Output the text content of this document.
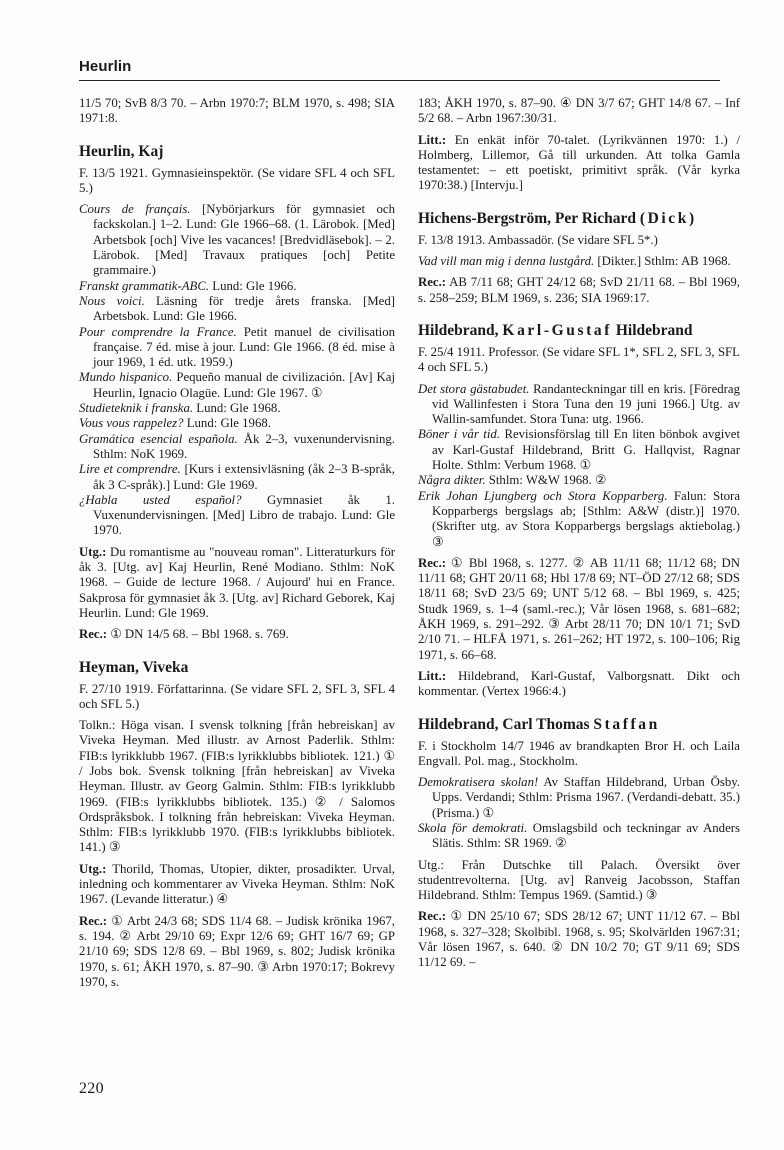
Heurlin

11/5 70; SvB 8/3 70. – Arbn 1970:7; BLM 1970, s. 498; SIA 1971:8.

Heurlin, Kaj

F. 13/5 1921. Gymnasieinspektör. (Se vidare SFL 4 och SFL 5.)

Cours de français. [Nybörjarkurs för gymnasiet och fackskolan.] 1–2. Lund: Gle 1966–68. (1. Lärobok. [Med] Arbetsbok [och] Vive les vacances! [Bredvidläsebok]. – 2. Lärobok. [Med] Travaux pratiques [och] Petite grammaire.)

Franskt grammatik-ABC. Lund: Gle 1966.

Nous voici. Läsning för tredje årets franska. [Med] Arbetsbok. Lund: Gle 1966.

Pour comprendre la France. Petit manuel de civilisation française. 7 éd. mise à jour. Lund: Gle 1966. (8 éd. mise à jour 1969, 1 éd. utk. 1959.)

Mundo hispanico. Pequeño manual de civilización. [Av] Kaj Heurlin, Ignacio Olagüe. Lund: Gle 1967. ①

Studieteknik i franska. Lund: Gle 1968.

Vous vous rappelez? Lund: Gle 1968.

Gramática esencial española. Åk 2–3, vuxenundervisning. Sthlm: NoK 1969.

Lire et comprendre. [Kurs i extensivläsning (åk 2–3 B-språk, åk 3 C-språk).] Lund: Gle 1969.

¿Habla usted español? Gymnasiet åk 1. Vuxenundervisningen. [Med] Libro de trabajo. Lund: Gle 1970.

Utg.: Du romantisme au "nouveau roman". Litteraturkurs för åk 3. [Utg. av] Kaj Heurlin, René Modiano. Sthlm: NoK 1968. – Guide de lecture 1968. / Aujourd' hui en France. Sakprosa för gymnasiet åk 3. [Utg. av] Richard Geborek, Kaj Heurlin. Lund: Gle 1969.

Rec.: ① DN 14/5 68. – Bbl 1968. s. 769.

Heyman, Viveka

F. 27/10 1919. Författarinna. (Se vidare SFL 2, SFL 3, SFL 4 och SFL 5.)

Tolkn.: Höga visan. I svensk tolkning [från hebreiskan] av Viveka Heyman. Med illustr. av Arnost Paderlik. Sthlm: FIB:s lyrikklubb 1967. (FIB:s lyrikklubbs bibliotek. 121.) ① / Jobs bok. Svensk tolkning [från hebreiskan] av Viveka Heyman. Illustr. av Georg Galmin. Sthlm: FIB:s lyrikklubb 1969. (FIB:s lyrikklubbs bibliotek. 135.) ② / Salomos Ordspråksbok. I tolkning från hebreiskan: Viveka Heyman. Sthlm: FIB:s lyrikklubb 1970. (FIB:s lyrikklubbs bibliotek. 141.) ③

Utg.: Thorild, Thomas, Utopier, dikter, prosadikter. Urval, inledning och kommentarer av Viveka Heyman. Sthlm: NoK 1967. (Levande litteratur.) ④

Rec.: ① Arbt 24/3 68; SDS 11/4 68. – Judisk krönika 1967, s. 194. ② Arbt 29/10 69; Expr 12/6 69; GHT 16/7 69; GP 21/10 69; SDS 12/8 69. – Bbl 1969, s. 802; Judisk krönika 1970, s. 61; ÅKH 1970, s. 87–90. ③ Arbn 1970:17; Bokrevy 1970, s.

183; ÅKH 1970, s. 87–90. ④ DN 3/7 67; GHT 14/8 67. – Inf 5/2 68. – Arbn 1967:30/31.

Litt.: En enkät inför 70-talet. (Lyrikvännen 1970: 1.) / Holmberg, Lillemor, Gå till urkunden. Att tolka Gamla testamentet: – ett poetiskt, primitivt språk. (Vår kyrka 1970:38.) [Intervju.]

Hichens-Bergström, Per Richard (Dick)

F. 13/8 1913. Ambassadör. (Se vidare SFL 5*.)

Vad vill man mig i denna lustgård. [Dikter.] Sthlm: AB 1968.

Rec.: AB 7/11 68; GHT 24/12 68; SvD 21/11 68. – Bbl 1969, s. 258–259; BLM 1969, s. 236; SIA 1969:17.

Hildebrand, Karl-Gustaf Hildebrand

F. 25/4 1911. Professor. (Se vidare SFL 1*, SFL 2, SFL 3, SFL 4 och SFL 5.)

Det stora gästabudet. Randanteckningar till en kris. [Föredrag vid Wallinfesten i Stora Tuna den 19 juni 1966.] Utg. av Wallin-samfundet. Stora Tuna: utg. 1966.

Böner i vår tid. Revisionsförslag till En liten bönbok avgivet av Karl-Gustaf Hildebrand, Britt G. Hallqvist, Ragnar Holte. Sthlm: Verbum 1968. ①

Några dikter. Sthlm: W&W 1968. ②

Erik Johan Ljungberg och Stora Kopparberg. Falun: Stora Kopparbergs bergslags ab; [Sthlm: A&W (distr.)] 1970. (Skrifter utg. av Stora Kopparbergs bergslags aktiebolag.) ③

Rec.: ① Bbl 1968, s. 1277. ② AB 11/11 68; 11/12 68; DN 11/11 68; GHT 20/11 68; Hbl 17/8 69; NT–ÖD 27/12 68; SDS 18/11 68; SvD 23/5 69; UNT 5/12 68. – Bbl 1969, s. 425; Studk 1969, s. 1–4 (saml.-rec.); Vår lösen 1968, s. 681–682; ÅKH 1969, s. 291–292. ③ Arbt 28/11 70; DN 10/1 71; SvD 2/10 71. – HLFÅ 1971, s. 261–262; HT 1972, s. 100–106; Rig 1971, s. 66–68.

Litt.: Hildebrand, Karl-Gustaf, Valborgsnatt. Dikt och kommentar. (Vertex 1966:4.)

Hildebrand, Carl Thomas Staffan

F. i Stockholm 14/7 1946 av brandkapten Bror H. och Laila Engvall. Pol. mag., Stockholm.

Demokratisera skolan! Av Staffan Hildebrand, Urban Ösby. Upps. Verdandi; Sthlm: Prisma 1967. (Verdandi-debatt. 35.) (Prisma.) ①

Skola för demokrati. Omslagsbild och teckningar av Anders Slätis. Sthlm: SR 1969. ②

Utg.: Från Dutschke till Palach. Översikt över studentrevolterna. [Utg. av] Ranveig Jacobsson, Staffan Hildebrand. Sthlm: Tempus 1969. (Samtid.) ③

Rec.: ① DN 25/10 67; SDS 28/12 67; UNT 11/12 67. – Bbl 1968, s. 327–328; Skolbibl. 1968, s. 95; Skolvärlden 1967:31; Vår lösen 1967, s. 640. ② DN 10/2 70; GT 9/11 69; SDS 11/12 69. –

220
